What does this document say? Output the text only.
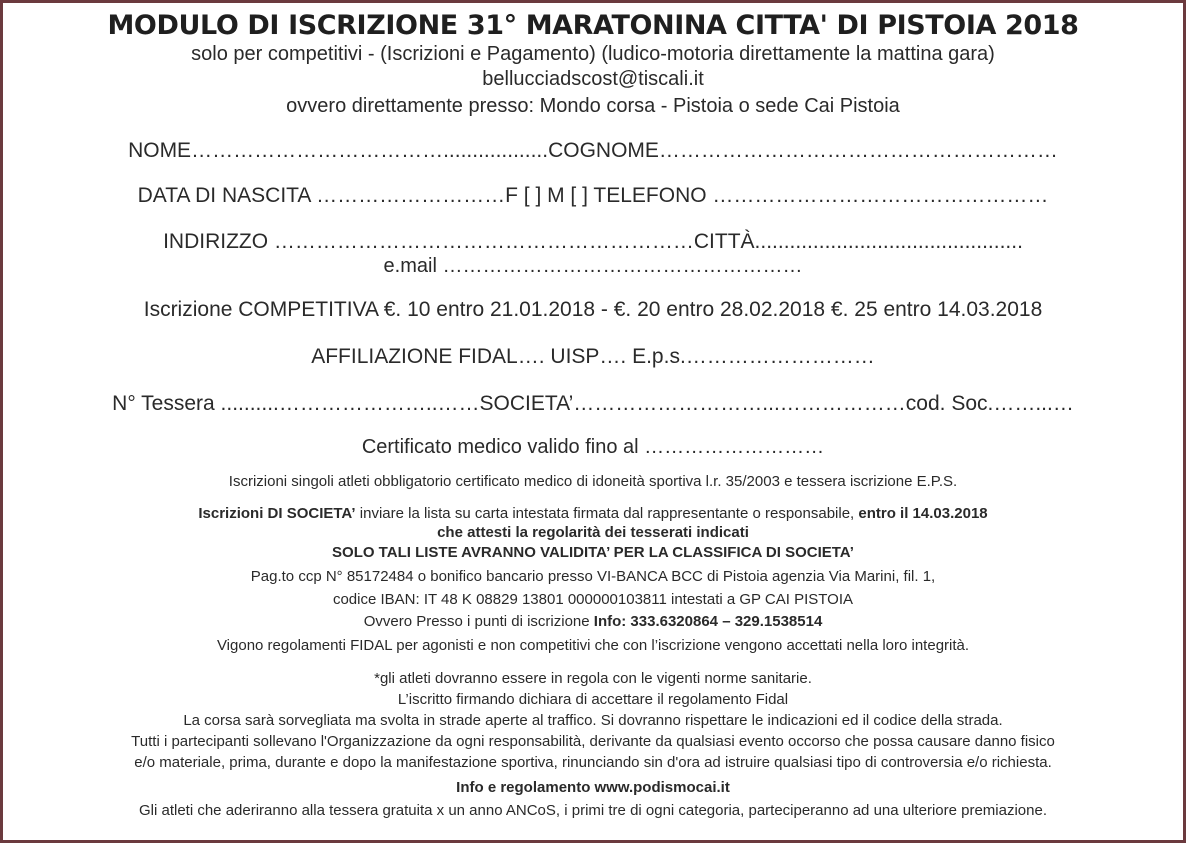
MODULO DI ISCRIZIONE 31° MARATONINA CITTA' DI PISTOIA 2018
solo per competitivi - (Iscrizioni e Pagamento) (ludico-motoria direttamente la mattina gara)
belluccіadscost@tiscali.it
ovvero direttamente presso: Mondo corsa - Pistoia o sede Cai Pistoia
NOME………………………………..................COGNOME…………………………………………………
DATA DI NASCITA ………………………F [ ] M [ ] TELEFONO …………………………………………
INDIRIZZO ……………………………………………………CITTÀ..............................................
e.mail ………………………………………………
Iscrizione COMPETITIVA €. 10 entro 21.01.2018 - €. 20 entro 28.02.2018 €. 25 entro 14.03.2018
AFFILIAZIONE FIDAL…. UISP…. E.p.s.………………………
N° Tessera ..........…………………..……SOCIETA’………………………...………………cod. Soc.……...…
Certificato medico valido fino al ………………………
Iscrizioni singoli atleti obbligatorio certificato medico di idoneità sportiva l.r. 35/2003 e tessera iscrizione E.P.S.
Iscrizioni DI SOCIETA’ inviare la lista su carta intestata firmata dal rappresentante o responsabile, entro il 14.03.2018
che attesti la regolarità dei tesserati indicati
SOLO TALI LISTE AVRANNO VALIDITA’ PER LA CLASSIFICA DI SOCIETA’
Pag.to ccp N° 85172484 o bonifico bancario presso VI-BANCA BCC di Pistoia agenzia Via Marini, fil. 1,
codice IBAN: IT 48 K 08829 13801 000000103811 intestati a GP CAI PISTOIA
Ovvero Presso i punti di iscrizione Info: 333.6320864 – 329.1538514
Vigono regolamenti FIDAL per agonisti e non competitivi che con l’iscrizione vengono accettati nella loro integrità.
*gli atleti dovranno essere in regola con le vigenti norme sanitarie.
L’iscritto firmando dichiara di accettare il regolamento Fidal
La corsa sarà sorvegliata ma svolta in strade aperte al traffico. Si dovranno rispettare le indicazioni ed il codice della strada.
Tutti i partecipanti sollevano l'Organizzazione da ogni responsabilità, derivante da qualsiasi evento occorso che possa causare danno fisico
e/o materiale, prima, durante e dopo la manifestazione sportiva, rinunciando sin d'ora ad istruire qualsiasi tipo di controversia e/o richiesta.
Info e regolamento www.podismocai.it
Gli atleti che aderiranno alla tessera gratuita x un anno ANCoS, i primi tre di ogni categoria, parteciperanno ad una ulteriore premiazione.
